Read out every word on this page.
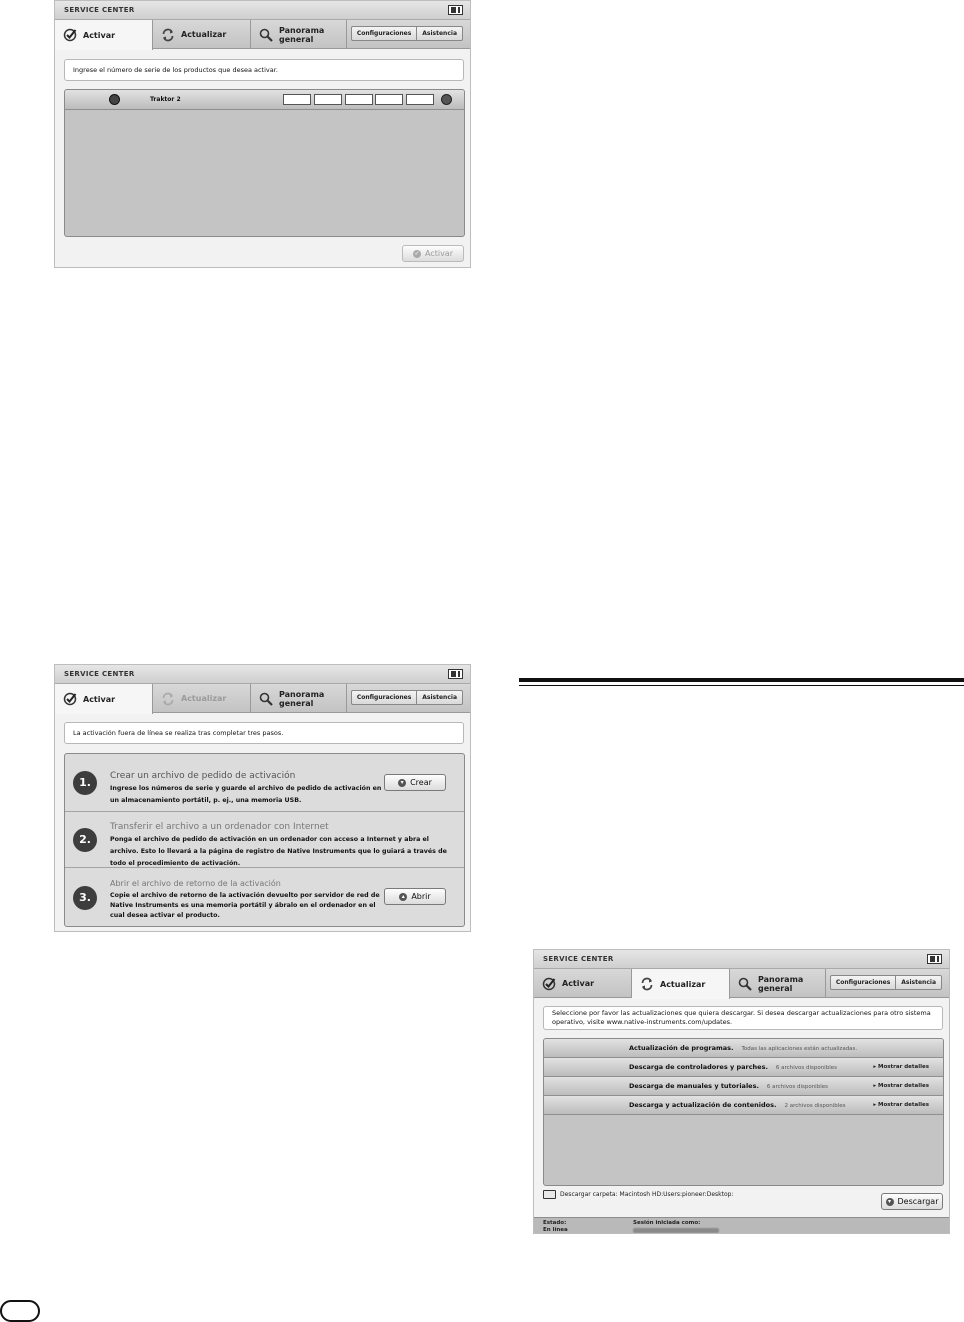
SERVICE CENTER
Activar	Actualizar	Panorama general
Configuraciones	Asistencia
Ingrese el número de serie de los productos que desea activar.
Traktor 2
✓ Activar
SERVICE CENTER
Activar	Actualizar	Panorama general
Configuraciones	Asistencia
La activación fuera de línea se realiza tras completar tres pasos.
1.	Crear un archivo de pedido de activación
Ingrese los números de serie y guarde el archivo de pedido de activación en un almacenamiento portátil, p. ej., una memoria USB.
▾ Crear
2.
Transferir el archivo a un ordenador con Internet
Ponga el archivo de pedido de activación en un ordenador con acceso a Internet y abra el archivo. Esto lo llevará a la página de registro de Native Instruments que lo guiará a través de todo el procedimiento de activación.
3.
Abrir el archivo de retorno de la activación
Copie el archivo de retorno de la activación devuelto por servidor de red de Native Instruments es una memoria portátil y ábralo en el ordenador en el cual desea activar el producto.
▴ Abrir
SERVICE CENTER
Activar	Actualizar
Panorama general
Configuraciones	Asistencia
Seleccione por favor las actualizaciones que quiera descargar. Si desea descargar actualizaciones para otro sistema operativo, visite www.native-instruments.com/updates.
Actualización de programas. Todas las aplicaciones están actualizadas.
Descarga de controladores y parches. 6 archivos disponibles	▸ Mostrar detalles
Descarga de manuales y tutoriales. 6 archivos disponibles	▸ Mostrar detalles
Descarga y actualización de contenidos. 2 archivos disponibles	▸ Mostrar detalles
Descargar carpeta: Macintosh HD:Users:pioneer:Desktop:
▾ Descargar
Estado:
En línea
Sesión iniciada como:
